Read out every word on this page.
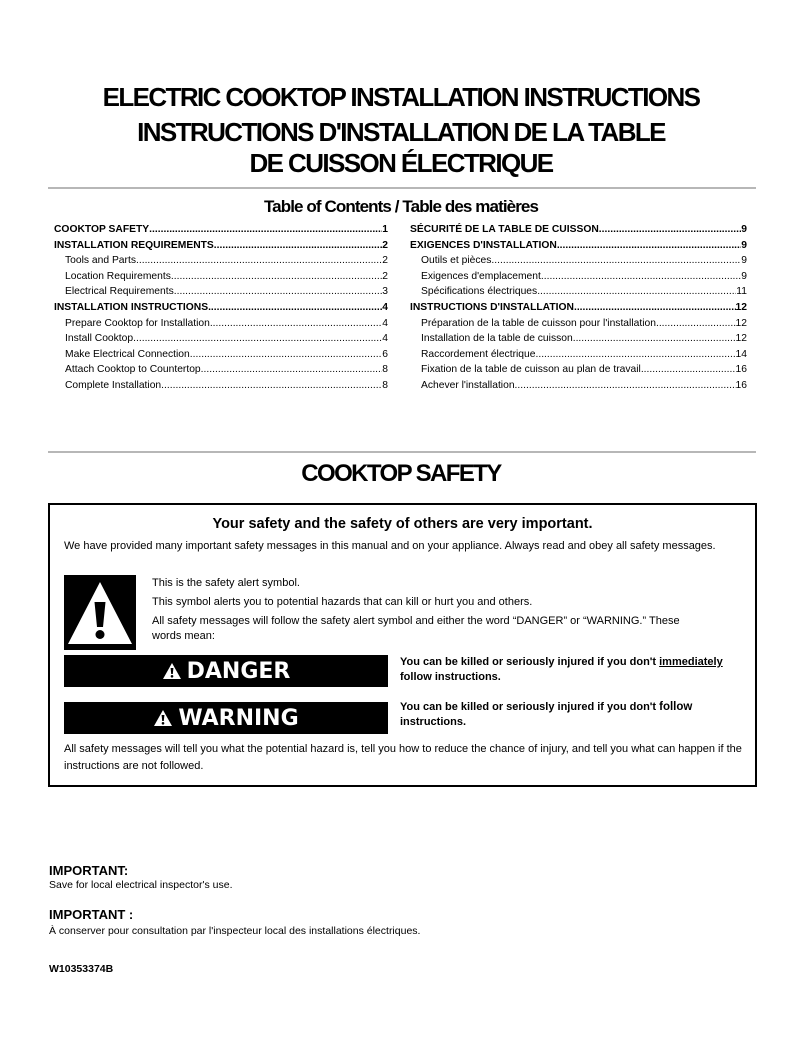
ELECTRIC COOKTOP INSTALLATION INSTRUCTIONS
INSTRUCTIONS D'INSTALLATION DE LA TABLE
DE CUISSON ÉLECTRIQUE
Table of Contents / Table des matières
COOKTOP SAFETY .....	1
INSTALLATION REQUIREMENTS .....	2
Tools and Parts .....	2
Location Requirements .....	2
Electrical Requirements .....	3
INSTALLATION INSTRUCTIONS .....	4
Prepare Cooktop for Installation .....	4
Install Cooktop .....	4
Make Electrical Connection .....	6
Attach Cooktop to Countertop .....	8
Complete Installation .....	8
SÉCURITÉ DE LA TABLE DE CUISSON .....	9
EXIGENCES D'INSTALLATION .....	9
Outils et pièces .....	9
Exigences d'emplacement .....	9
Spécifications électriques .....	11
INSTRUCTIONS D'INSTALLATION .....	12
Préparation de la table de cuisson pour l'installation .....	12
Installation de la table de cuisson .....	12
Raccordement électrique .....	14
Fixation de la table de cuisson au plan de travail .....	16
Achever l'installation .....	16
COOKTOP SAFETY
Your safety and the safety of others are very important.
We have provided many important safety messages in this manual and on your appliance. Always read and obey all safety messages.
This is the safety alert symbol.
This symbol alerts you to potential hazards that can kill or hurt you and others.
All safety messages will follow the safety alert symbol and either the word “DANGER” or “WARNING.” These words mean:
DANGER	You can be killed or seriously injured if you don't immediately
follow instructions.
WARNING	You can be killed or seriously injured if you don't follow
instructions.
All safety messages will tell you what the potential hazard is, tell you how to reduce the chance of injury, and tell you what can happen if the instructions are not followed.
IMPORTANT:
Save for local electrical inspector's use.
IMPORTANT :
À conserver pour consultation par l'inspecteur local des installations électriques.
W10353374B
